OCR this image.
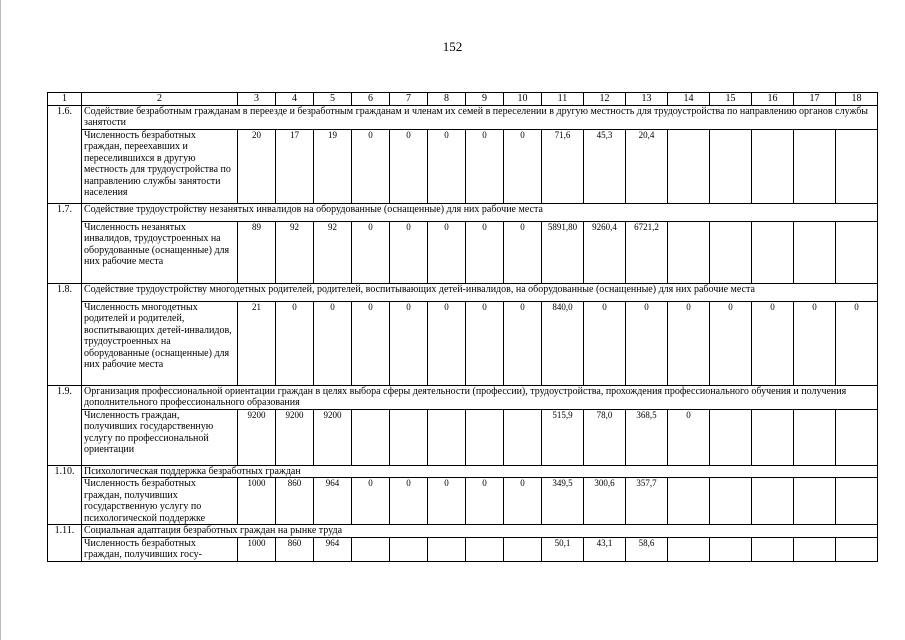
152
1	2	3	4	5	6	7	8	9	10	11	12	13	14	15	16	17	18
1.6.	Содействие безработным гражданам в переезде и безработным гражданам и членам их семей в переселении в другую местность для трудоустройства по направлению органов службы занятости																
	Численность безработных граждан, переехавших и переселившихся в другую местность для трудоустройства по направлению службы занятости населения	20	17	19	0	0	0	0	0	71,6	45,3	20,4					
1.7.	Содействие трудоустройству незанятых инвалидов на оборудованные (оснащенные) для них рабочие места																
	Численность незанятых инвалидов, трудоустроенных на оборудованные (оснащенные) для них рабочие места	89	92	92	0	0	0	0	0	5891,80	9260,4	6721,2					
1.8.	Содействие трудоустройству многодетных родителей, родителей, воспитывающих детей-инвалидов, на оборудованные (оснащенные) для них рабочие места																
	Численность многодетных родителей и родителей, воспитывающих детей-инвалидов, трудоустроенных на оборудованные (оснащенные) для них рабочие места	21	0	0	0	0	0	0	0	840,0	0	0	0	0	0	0	0
1.9.	Организация профессиональной ориентации граждан в целях выбора сферы деятельности (профессии), трудоустройства, прохождения профессионального обучения и получения дополнительного профессионального образования																
	Численность граждан, получивших государственную услугу по профессиональной ориентации	9200	9200	9200						515,9	78,0	368,5	0				
1.10.	Психологическая поддержка безработных граждан																
	Численность безработных граждан, получивших государственную услугу по психологической поддержке	1000	860	964	0	0	0	0	0	349,5	300,6	357,7					
1.11.	Социальная адаптация безработных граждан на рынке труда																
	Численность безработных граждан, получивших госу-	1000	860	964						50,1	43,1	58,6					
